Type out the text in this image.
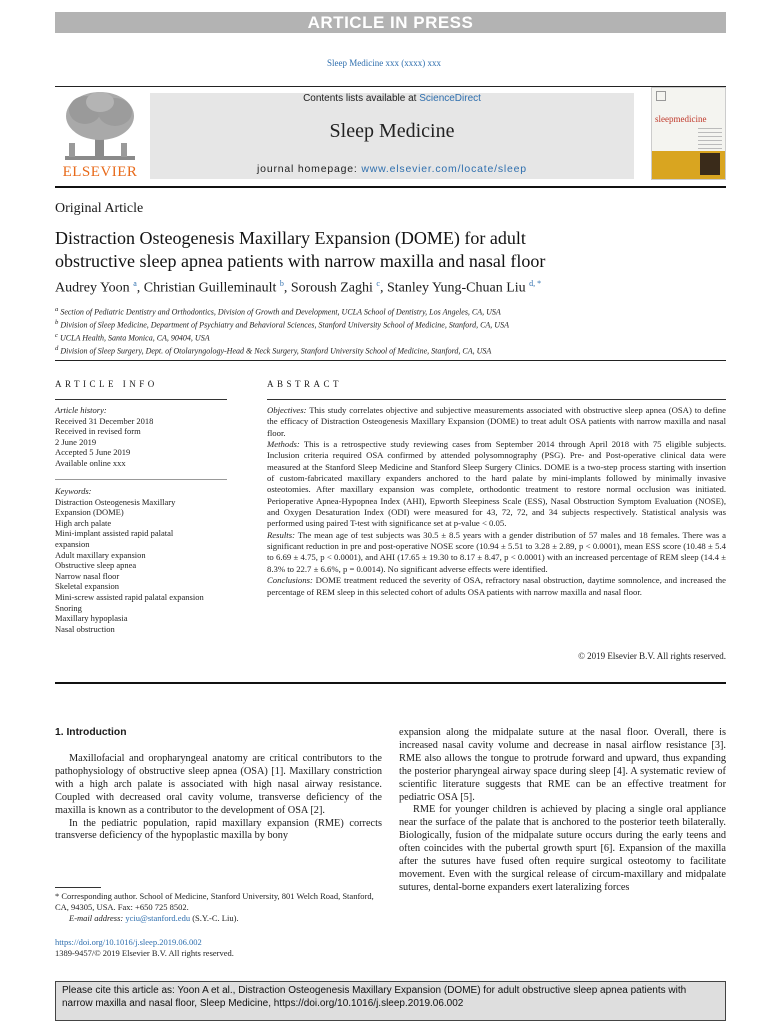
ARTICLE IN PRESS
Sleep Medicine xxx (xxxx) xxx
ELSEVIER
Contents lists available at ScienceDirect
Sleep Medicine
journal homepage: www.elsevier.com/locate/sleep
sleepmedicine
Original Article
Distraction Osteogenesis Maxillary Expansion (DOME) for adult
obstructive sleep apnea patients with narrow maxilla and nasal floor
Audrey Yoon $^a$, Christian Guilleminault $^b$, Soroush Zaghi $^c$, Stanley Yung-Chuan Liu $^{d, *}$
$^a$ Section of Pediatric Dentistry and Orthodontics, Division of Growth and Development, UCLA School of Dentistry, Los Angeles, CA, USA
$^b$ Division of Sleep Medicine, Department of Psychiatry and Behavioral Sciences, Stanford University School of Medicine, Stanford, CA, USA
$^c$ UCLA Health, Santa Monica, CA, 90404, USA
$^d$ Division of Sleep Surgery, Dept. of Otolaryngology-Head & Neck Surgery, Stanford University School of Medicine, Stanford, CA, USA
ARTICLE INFO	ABSTRACT
Article history:
Received 31 December 2018
Received in revised form
2 June 2019
Accepted 5 June 2019
Available online xxx
Keywords:
Distraction Osteogenesis Maxillary
Expansion (DOME)
High arch palate
Mini-implant assisted rapid palatal
expansion
Adult maxillary expansion
Obstructive sleep apnea
Narrow nasal floor
Skeletal expansion
Mini-screw assisted rapid palatal expansion
Snoring
Maxillary hypoplasia
Nasal obstruction
Objectives: This study correlates objective and subjective measurements associated with obstructive sleep apnea (OSA) to define the efficacy of Distraction Osteogenesis Maxillary Expansion (DOME) to treat adult OSA patients with narrow maxilla and nasal floor.
Methods: This is a retrospective study reviewing cases from September 2014 through April 2018 with 75 eligible subjects. Inclusion criteria required OSA confirmed by attended polysomnography (PSG). Pre- and Post-operative clinical data were measured at the Stanford Sleep Medicine and Stanford Sleep Surgery Clinics. DOME is a two-step process starting with insertion of custom-fabricated maxillary expanders anchored to the hard palate by mini-implants followed by minimally invasive osteotomies. After maxillary expansion was complete, orthodontic treatment to restore normal occlusion was initiated. Perioperative Apnea-Hypopnea Index (AHI), Epworth Sleepiness Scale (ESS), Nasal Obstruction Symptom Evaluation (NOSE), and Oxygen Desaturation Index (ODI) were measured for 43, 72, 72, and 34 subjects respectively. Statistical analysis was performed using paired T-test with significance set at p-value < 0.05.
Results: The mean age of test subjects was 30.5 ± 8.5 years with a gender distribution of 57 males and 18 females. There was a significant reduction in pre and post-operative NOSE score (10.94 ± 5.51 to 3.28 ± 2.89, p < 0.0001), mean ESS score (10.48 ± 5.4 to 6.69 ± 4.75, p < 0.0001), and AHI (17.65 ± 19.30 to 8.17 ± 8.47, p < 0.0001) with an increased percentage of REM sleep (14.4 ± 8.3% to 22.7 ± 6.6%, p = 0.0014). No significant adverse effects were identified.
Conclusions: DOME treatment reduced the severity of OSA, refractory nasal obstruction, daytime somnolence, and increased the percentage of REM sleep in this selected cohort of adults OSA patients with narrow maxilla and nasal floor.
© 2019 Elsevier B.V. All rights reserved.
1. Introduction

Maxillofacial and oropharyngeal anatomy are critical contributors to the pathophysiology of obstructive sleep apnea (OSA) [1]. Maxillary constriction with a high arch palate is associated with high nasal airway resistance. Coupled with decreased oral cavity volume, transverse deficiency of the maxilla is known as a contributor to the development of OSA [2].

In the pediatric population, rapid maxillary expansion (RME) corrects transverse deficiency of the hypoplastic maxilla by bony

expansion along the midpalate suture at the nasal floor. Overall, there is increased nasal cavity volume and decrease in nasal airflow resistance [3]. RME also allows the tongue to protrude forward and upward, thus expanding the posterior pharyngeal airway space during sleep [4]. A systematic review of scientific literature suggests that RME can be an effective treatment for pediatric OSA [5].

RME for younger children is achieved by placing a single oral appliance near the surface of the palate that is anchored to the posterior teeth bilaterally. Biologically, fusion of the midpalate suture occurs during the early teens and often coincides with the pubertal growth spurt [6]. Expansion of the maxilla after the sutures have fused often require surgical osteotomy to facilitate movement. Even with the surgical release of circum-maxillary and midpalate sutures, dental-borne expanders exert lateralizing forces

* Corresponding author. School of Medicine, Stanford University, 801 Welch Road, Stanford, CA, 94305, USA. Fax: +650 725 8502.
E-mail address: yciu@stanford.edu (S.Y.-C. Liu).
https://doi.org/10.1016/j.sleep.2019.06.002
1389-9457/© 2019 Elsevier B.V. All rights reserved.
Please cite this article as: Yoon A et al., Distraction Osteogenesis Maxillary Expansion (DOME) for adult obstructive sleep apnea patients with narrow maxilla and nasal floor, Sleep Medicine, https://doi.org/10.1016/j.sleep.2019.06.002
